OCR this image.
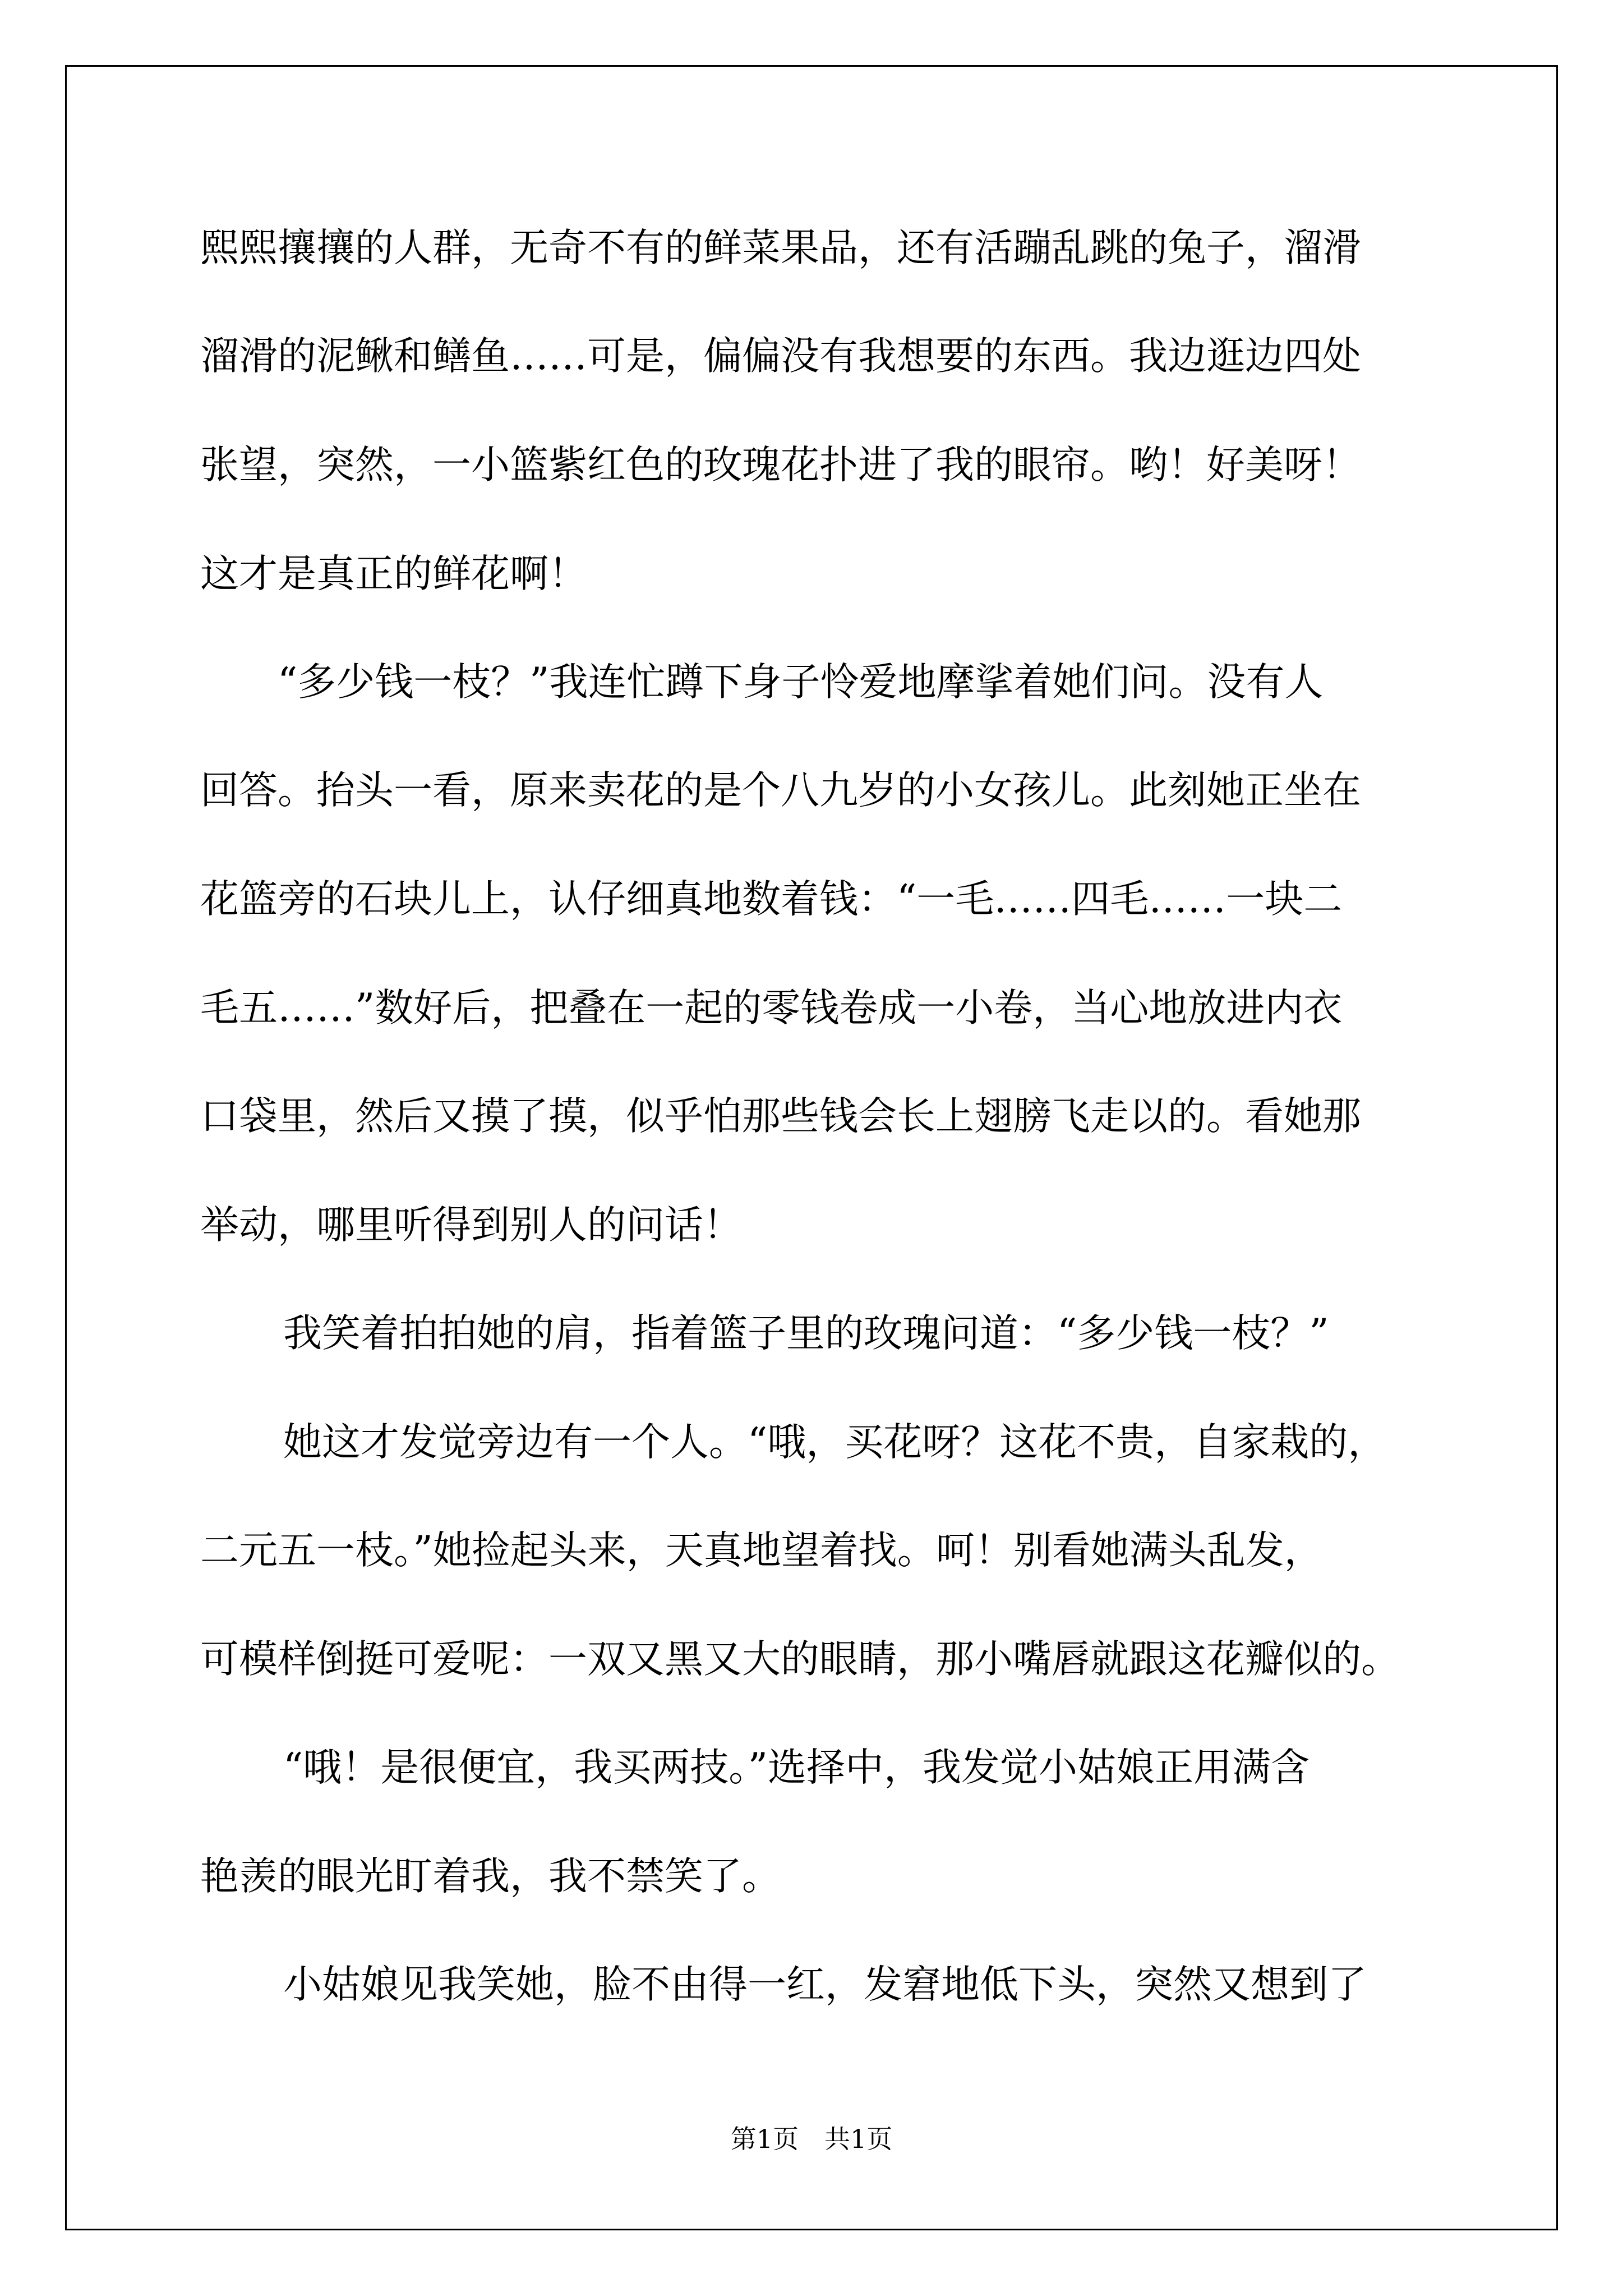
熙熙攘攘的人群，无奇不有的鲜菜果品，还有活蹦乱跳的兔子，溜滑
溜滑的泥鳅和鳝鱼……可是，偏偏没有我想要的东西。我边逛边四处
张望，突然，一小篮紫红色的玫瑰花扑进了我的眼帘。哟！好美呀！
这才是真正的鲜花啊！
“多少钱一枝？”我连忙蹲下身子怜爱地摩挲着她们问。没有人
回答。抬头一看，原来卖花的是个八九岁的小女孩儿。此刻她正坐在
花篮旁的石块儿上，认仔细真地数着钱：“一毛……四毛……一块二
毛五……”数好后，把叠在一起的零钱卷成一小卷，当心地放进内衣
口袋里，然后又摸了摸，似乎怕那些钱会长上翅膀飞走以的。看她那
举动，哪里听得到别人的问话！
我笑着拍拍她的肩，指着篮子里的玫瑰问道：“多少钱一枝？”
她这才发觉旁边有一个人。“哦，买花呀？这花不贵，自家栽的，
二元五一枝。”她捡起头来，天真地望着找。呵！别看她满头乱发，
可模样倒挺可爱呢：一双又黑又大的眼睛，那小嘴唇就跟这花瓣似的。
“哦！是很便宜，我买两技。”选择中，我发觉小姑娘正用满含
艳羡的眼光盯着我，我不禁笑了。
小姑娘见我笑她，脸不由得一红，发窘地低下头，突然又想到了
第1页　共1页
